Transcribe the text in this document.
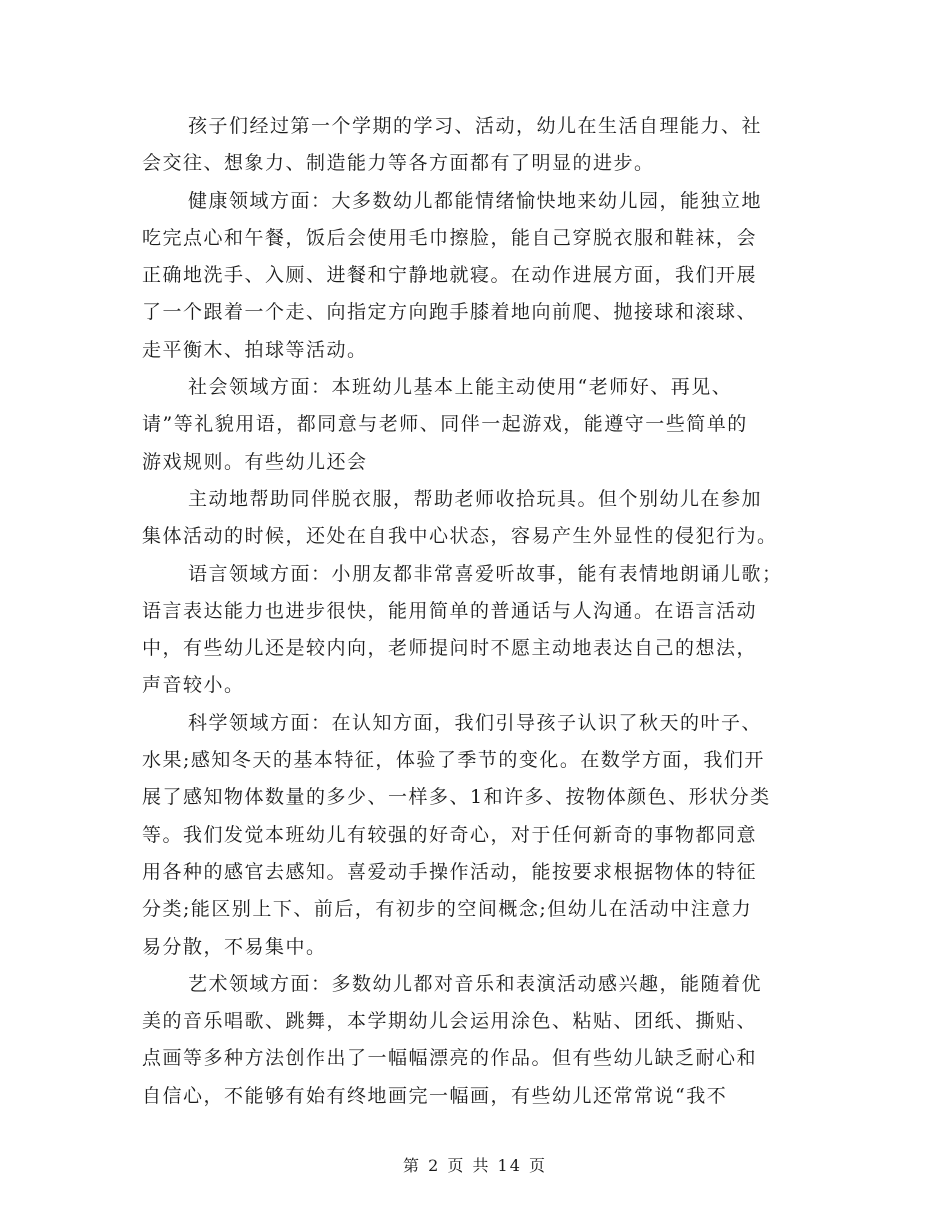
孩子们经过第一个学期的学习、活动，幼儿在生活自理能力、社
会交往、想象力、制造能力等各方面都有了明显的进步。
健康领域方面：大多数幼儿都能情绪愉快地来幼儿园，能独立地
吃完点心和午餐，饭后会使用毛巾擦脸，能自己穿脱衣服和鞋袜，会
正确地洗手、入厕、进餐和宁静地就寝。在动作进展方面，我们开展
了一个跟着一个走、向指定方向跑手膝着地向前爬、抛接球和滚球、
走平衡木、拍球等活动。
社会领域方面：本班幼儿基本上能主动使用“老师好、再见、
请”等礼貌用语，都同意与老师、同伴一起游戏，能遵守一些简单的
游戏规则。有些幼儿还会
主动地帮助同伴脱衣服，帮助老师收拾玩具。但个别幼儿在参加
集体活动的时候，还处在自我中心状态，容易产生外显性的侵犯行为。
语言领域方面：小朋友都非常喜爱听故事，能有表情地朗诵儿歌；
语言表达能力也进步很快，能用简单的普通话与人沟通。在语言活动
中，有些幼儿还是较内向，老师提问时不愿主动地表达自己的想法，
声音较小。
科学领域方面：在认知方面，我们引导孩子认识了秋天的叶子、
水果;感知冬天的基本特征，体验了季节的变化。在数学方面，我们开
展了感知物体数量的多少、一样多、1和许多、按物体颜色、形状分类
等。我们发觉本班幼儿有较强的好奇心，对于任何新奇的事物都同意
用各种的感官去感知。喜爱动手操作活动，能按要求根据物体的特征
分类;能区别上下、前后，有初步的空间概念;但幼儿在活动中注意力
易分散，不易集中。
艺术领域方面：多数幼儿都对音乐和表演活动感兴趣，能随着优
美的音乐唱歌、跳舞，本学期幼儿会运用涂色、粘贴、团纸、撕贴、
点画等多种方法创作出了一幅幅漂亮的作品。但有些幼儿缺乏耐心和
自信心，不能够有始有终地画完一幅画，有些幼儿还常常说“我不
第 2 页 共 14 页
